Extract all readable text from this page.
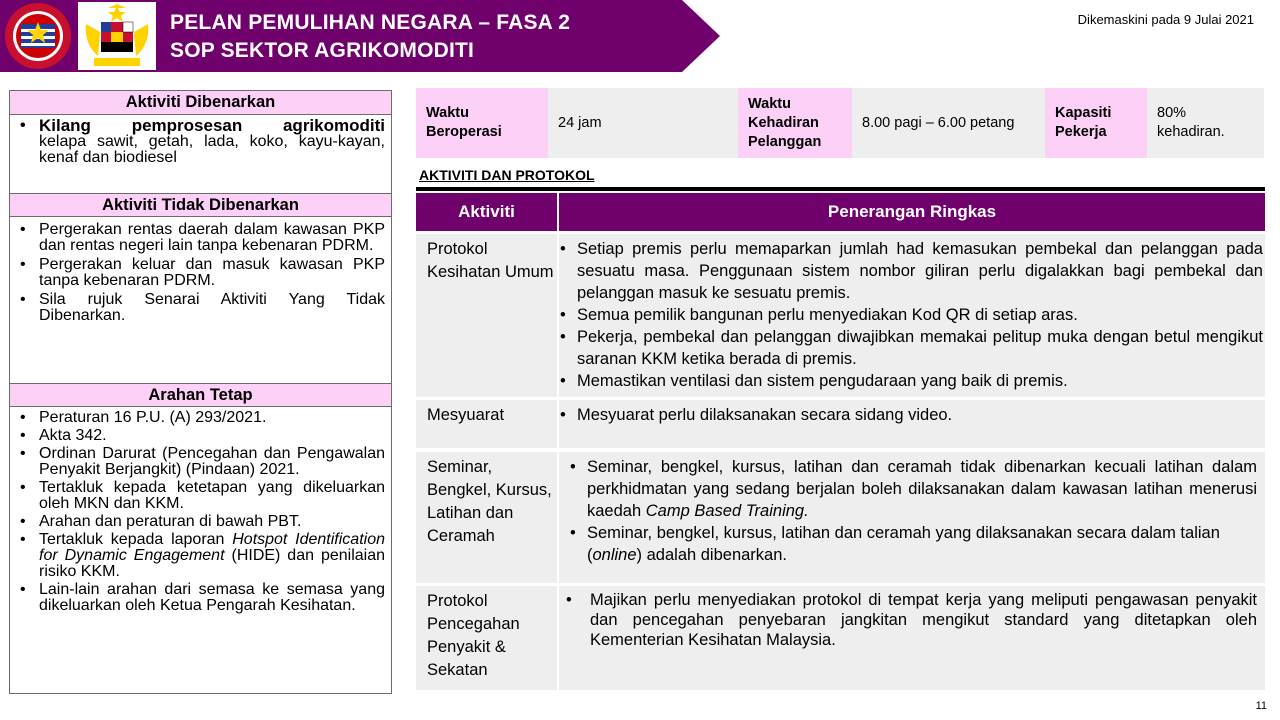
PELAN PEMULIHAN NEGARA – FASA 2
SOP SEKTOR AGRIKOMODITI
Dikemaskini pada 9 Julai 2021
Aktiviti Dibenarkan
• Kilang pemprosesan agrikomoditi
kelapa sawit, getah, lada, koko, kayu-kayan, kenaf dan biodiesel
Aktiviti Tidak Dibenarkan
• Pergerakan rentas daerah dalam kawasan PKP dan rentas negeri lain tanpa kebenaran PDRM.
• Pergerakan keluar dan masuk kawasan PKP tanpa kebenaran PDRM.
• Sila rujuk Senarai Aktiviti Yang Tidak Dibenarkan.
Arahan Tetap
• Peraturan 16 P.U. (A) 293/2021.
• Akta 342.
• Ordinan Darurat (Pencegahan dan Pengawalan Penyakit Berjangkit) (Pindaan) 2021.
• Tertakluk kepada ketetapan yang dikeluarkan oleh MKN dan KKM.
• Arahan dan peraturan di bawah PBT.
• Tertakluk kepada laporan Hotspot Identification for Dynamic Engagement (HIDE) dan penilaian risiko KKM.
• Lain-lain arahan dari semasa ke semasa yang dikeluarkan oleh Ketua Pengarah Kesihatan.
Waktu Beroperasi
24 jam
Waktu Kehadiran Pelanggan
8.00 pagi – 6.00 petang
Kapasiti Pekerja
80% kehadiran.
AKTIVITI DAN PROTOKOL
Aktiviti	Penerangan Ringkas
Protokol Kesihatan Umum
• Setiap premis perlu memaparkan jumlah had kemasukan pembekal dan pelanggan pada sesuatu masa. Penggunaan sistem nombor giliran perlu digalakkan bagi pembekal dan pelanggan masuk ke sesuatu premis.
• Semua pemilik bangunan perlu menyediakan Kod QR di setiap aras.
• Pekerja, pembekal dan pelanggan diwajibkan memakai pelitup muka dengan betul mengikut saranan KKM ketika berada di premis.
• Memastikan ventilasi dan sistem pengudaraan yang baik di premis.
Mesyuarat
•	Mesyuarat perlu dilaksanakan secara sidang video.
Seminar, Bengkel, Kursus, Latihan dan Ceramah
• Seminar, bengkel, kursus, latihan dan ceramah tidak dibenarkan kecuali latihan dalam perkhidmatan yang sedang berjalan boleh dilaksanakan dalam kawasan latihan menerusi kaedah Camp Based Training.
• Seminar, bengkel, kursus, latihan dan ceramah yang dilaksanakan secara dalam talian
(online) adalah dibenarkan.
Protokol Pencegahan Penyakit & Sekatan
• Majikan perlu menyediakan protokol di tempat kerja yang meliputi pengawasan penyakit dan pencegahan penyebaran jangkitan mengikut standard yang ditetapkan oleh Kementerian Kesihatan Malaysia.
11
